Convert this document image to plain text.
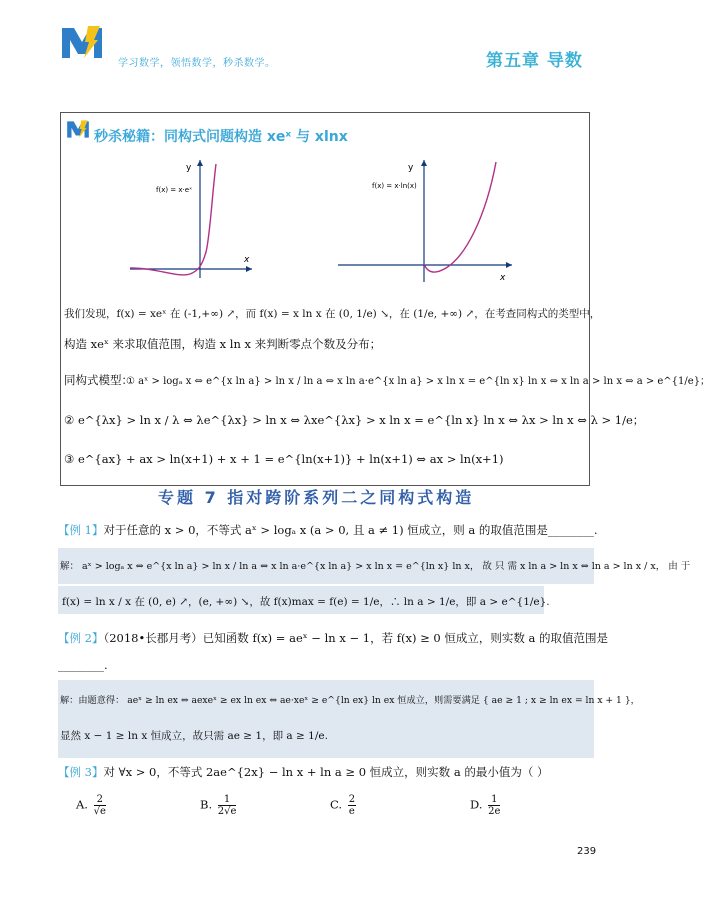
学习数学，领悟数学，秒杀数学。	第五章 导数
秒杀秘籍：同构式问题构造 xeˣ 与 xlnx
y
x
f(x) = x·eˣ
y
x
f(x) = x·ln(x)
我们发现，f(x) = xeˣ 在 (-1,+∞) ↗，而 f(x) = x ln x 在 (0, 1/e) ↘，在 (1/e, +∞) ↗，在考查同构式的类型中，
构造 xeˣ 来求取值范围，构造 x ln x 来判断零点个数及分布；
同构式模型：
① aˣ > logₐ x ⇔ e^{x ln a} > ln x / ln a ⇔ x ln a·e^{x ln a} > x ln x = e^{ln x} ln x ⇔ x ln a > ln x ⇔ a > e^{1/e}；
② e^{λx} > ln x / λ ⇔ λe^{λx} > ln x ⇔ λxe^{λx} > x ln x = e^{ln x} ln x ⇔ λx > ln x ⇔ λ > 1/e；
③ e^{ax} + ax > ln(x+1) + x + 1 = e^{ln(x+1)} + ln(x+1) ⇔ ax > ln(x+1)
专题 7 指对跨阶系列二之同构式构造
【例 1】对于任意的 x > 0，不等式 aˣ > logₐ x (a > 0, 且 a ≠ 1) 恒成立，则 a 的取值范围是________.
解： aˣ > logₐ x ⇔ e^{x ln a} > ln x / ln a ⇔ x ln a·e^{x ln a} > x ln x = e^{ln x} ln x， 故 只 需 x ln a > ln x ⇔ ln a > ln x / x， 由 于
f(x) = ln x / x 在 (0, e) ↗，(e, +∞) ↘，故 f(x)max = f(e) = 1/e，∴ ln a > 1/e，即 a > e^{1/e}.
【例 2】（2018•长郡月考）已知函数 f(x) = aeˣ − ln x − 1，若 f(x) ≥ 0 恒成立，则实数 a 的取值范围是
________.
解：由题意得： aeˣ ≥ ln ex ⇔ aexeˣ ≥ ex ln ex ⇔ ae·xeˣ ≥ e^{ln ex} ln ex 恒成立，则需要满足 { ae ≥ 1 ; x ≥ ln ex = ln x + 1 }，
显然 x − 1 ≥ ln x 恒成立，故只需 ae ≥ 1，即 a ≥ 1/e.
【例 3】对 ∀x > 0，不等式 2ae^{2x} − ln x + ln a ≥ 0 恒成立，则实数 a 的最小值为（ ）
A. $\frac{2}{√e}$	B. $\frac{1}{2√e}$	C. $\frac{2}{e}$	D. $\frac{1}{2e}$
239
